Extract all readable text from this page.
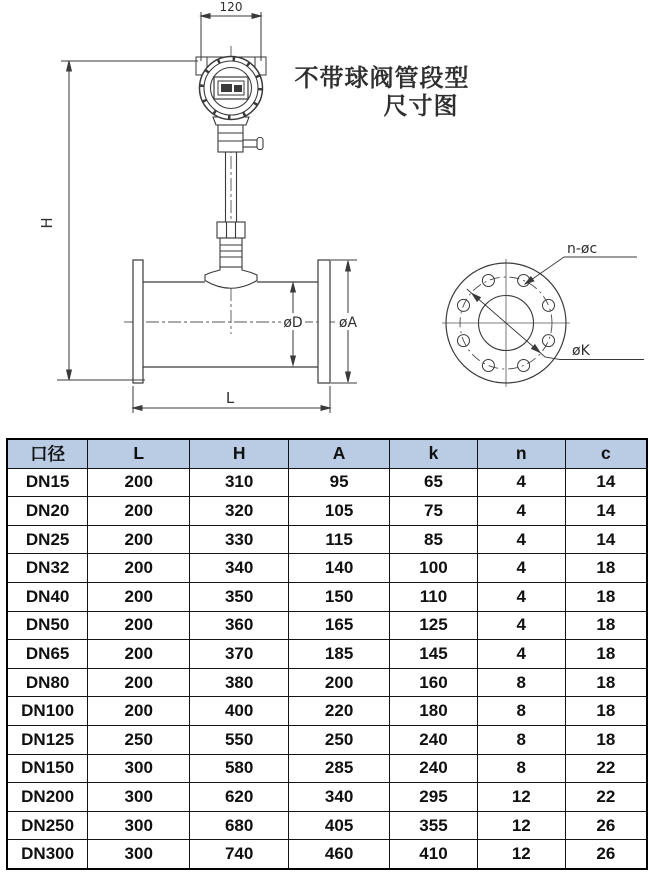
120
H
øD	øA
L
øK
n-øc
不带球阀管段型
尺寸图
口径	L	H	A	k	n	c
DN15	200	310	95	65	4	14
DN20	200	320	105	75	4	14
DN25	200	330	115	85	4	14
DN32	200	340	140	100	4	18
DN40	200	350	150	110	4	18
DN50	200	360	165	125	4	18
DN65	200	370	185	145	4	18
DN80	200	380	200	160	8	18
DN100	200	400	220	180	8	18
DN125	250	550	250	240	8	18
DN150	300	580	285	240	8	22
DN200	300	620	340	295	12	22
DN250	300	680	405	355	12	26
DN300	300	740	460	410	12	26
